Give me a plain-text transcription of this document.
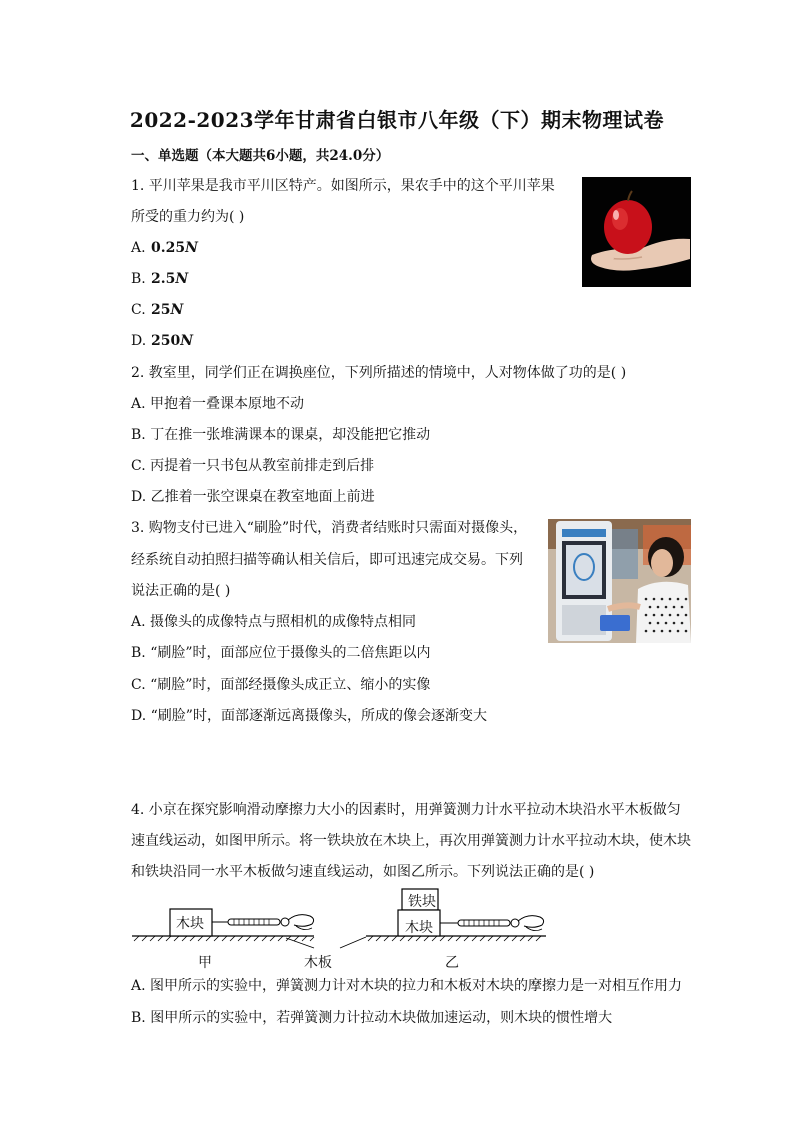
2022-2023学年甘肃省白银市八年级（下）期末物理试卷
一、单选题（本大题共6小题，共24.0分）
1. 平川苹果是我市平川区特产。如图所示，果农手中的这个平川苹果
所受的重力约为( )
A. 0.25N
B. 2.5N
C. 25N
D. 250N
2. 教室里，同学们正在调换座位，下列所描述的情境中，人对物体做了功的是( )
A. 甲抱着一叠课本原地不动
B. 丁在推一张堆满课本的课桌，却没能把它推动
C. 丙提着一只书包从教室前排走到后排
D. 乙推着一张空课桌在教室地面上前进
3. 购物支付已进入“刷脸”时代，消费者结账时只需面对摄像头，
经系统自动拍照扫描等确认相关信后，即可迅速完成交易。下列
说法正确的是( )
A. 摄像头的成像特点与照相机的成像特点相同
B. “刷脸”时，面部应位于摄像头的二倍焦距以内
C. “刷脸”时，面部经摄像头成正立、缩小的实像
D. “刷脸”时，面部逐渐远离摄像头，所成的像会逐渐变大
4. 小京在探究影响滑动摩擦力大小的因素时，用弹簧测力计水平拉动木块沿水平木板做匀
速直线运动，如图甲所示。将一铁块放在木块上，再次用弹簧测力计水平拉动木块，使木块
和铁块沿同一水平木板做匀速直线运动，如图乙所示。下列说法正确的是( )
木块
铁块
木块
木板
甲	乙
A. 图甲所示的实验中，弹簧测力计对木块的拉力和木板对木块的摩擦力是一对相互作用力
B. 图甲所示的实验中，若弹簧测力计拉动木块做加速运动，则木块的惯性增大
